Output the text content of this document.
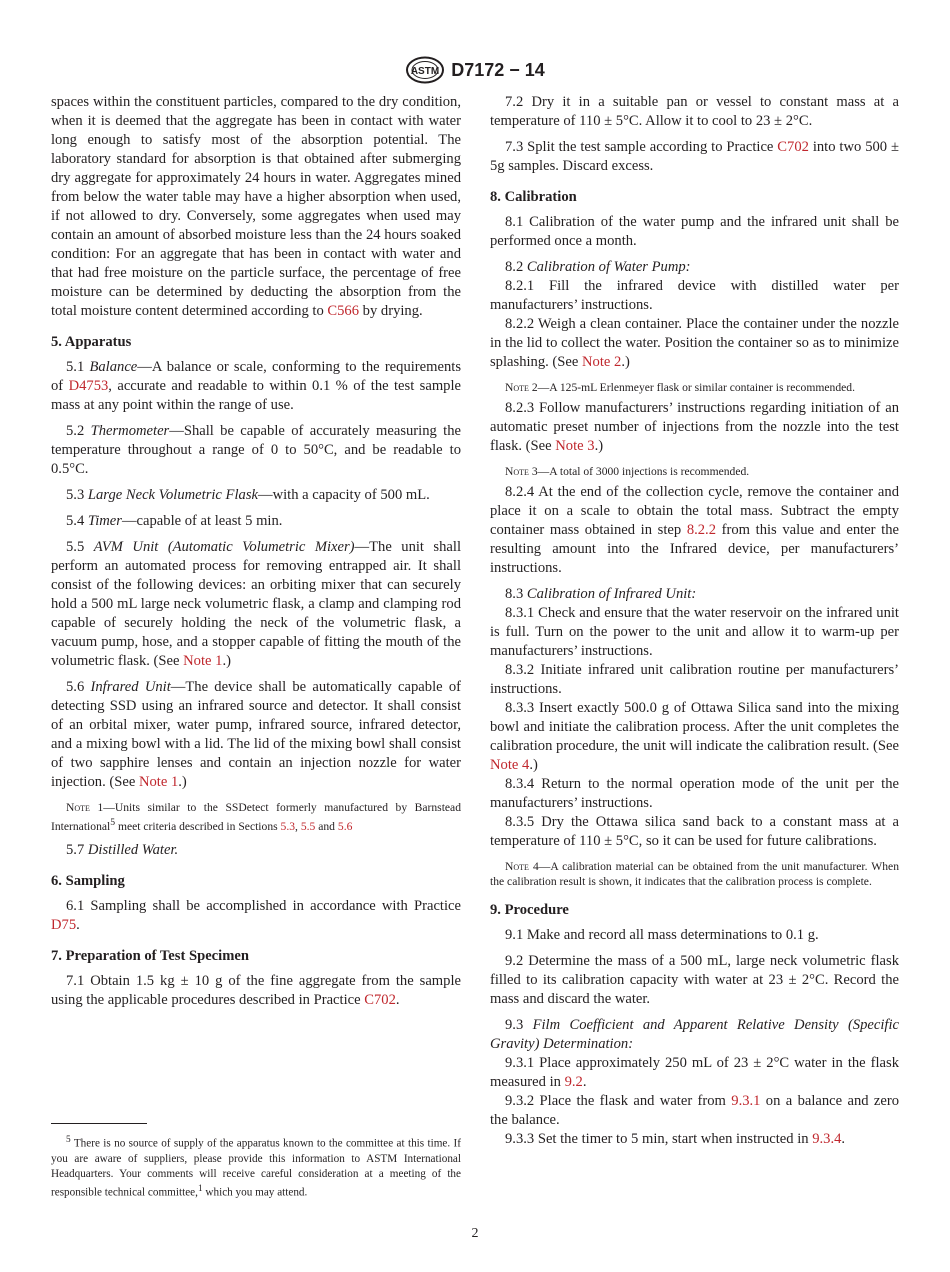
ASTM D7172 − 14

spaces within the constituent particles, compared to the dry condition, when it is deemed that the aggregate has been in contact with water long enough to satisfy most of the absorption potential. The laboratory standard for absorption is that obtained after submerging dry aggregate for approximately 24 hours in water. Aggregates mined from below the water table may have a higher absorption when used, if not allowed to dry. Conversely, some aggregates when used may contain an amount of absorbed moisture less than the 24 hours soaked condition: For an aggregate that has been in contact with water and that had free moisture on the particle surface, the percentage of free moisture can be determined by deducting the absorption from the total moisture content determined according to C566 by drying.

5. Apparatus

5.1 Balance—A balance or scale, conforming to the requirements of D4753, accurate and readable to within 0.1 % of the test sample mass at any point within the range of use.

5.2 Thermometer—Shall be capable of accurately measuring the temperature throughout a range of 0 to 50°C, and be readable to 0.5°C.

5.3 Large Neck Volumetric Flask—with a capacity of 500 mL.

5.4 Timer—capable of at least 5 min.

5.5 AVM Unit (Automatic Volumetric Mixer)—The unit shall perform an automated process for removing entrapped air. It shall consist of the following devices: an orbiting mixer that can securely hold a 500 mL large neck volumetric flask, a clamp and clamping rod capable of securely holding the neck of the volumetric flask, a vacuum pump, hose, and a stopper capable of fitting the mouth of the volumetric flask. (See Note 1.)

5.6 Infrared Unit—The device shall be automatically capable of detecting SSD using an infrared source and detector. It shall consist of an orbital mixer, water pump, infrared source, infrared detector, and a mixing bowl with a lid. The lid of the mixing bowl shall consist of two sapphire lenses and contain an injection nozzle for water injection. (See Note 1.)

Note 1—Units similar to the SSDetect formerly manufactured by Barnstead International$^5$ meet criteria described in Sections 5.3, 5.5 and 5.6

5.7 Distilled Water.

6. Sampling

6.1 Sampling shall be accomplished in accordance with Practice D75.

7. Preparation of Test Specimen

7.1 Obtain 1.5 kg ± 10 g of the fine aggregate from the sample using the applicable procedures described in Practice C702.

$^5$ There is no source of supply of the apparatus known to the committee at this time. If you are aware of suppliers, please provide this information to ASTM International Headquarters. Your comments will receive careful consideration at a meeting of the responsible technical committee,$^1$ which you may attend.

7.2 Dry it in a suitable pan or vessel to constant mass at a temperature of 110 ± 5°C. Allow it to cool to 23 ± 2°C.

7.3 Split the test sample according to Practice C702 into two 500 ± 5g samples. Discard excess.

8. Calibration

8.1 Calibration of the water pump and the infrared unit shall be performed once a month.

8.2 Calibration of Water Pump:

8.2.1 Fill the infrared device with distilled water per manufacturers’ instructions.

8.2.2 Weigh a clean container. Place the container under the nozzle in the lid to collect the water. Position the container so as to minimize splashing. (See Note 2.)

Note 2—A 125-mL Erlenmeyer flask or similar container is recommended.

8.2.3 Follow manufacturers’ instructions regarding initiation of an automatic preset number of injections from the nozzle into the test flask. (See Note 3.)

Note 3—A total of 3000 injections is recommended.

8.2.4 At the end of the collection cycle, remove the container and place it on a scale to obtain the total mass. Subtract the empty container mass obtained in step 8.2.2 from this value and enter the resulting amount into the Infrared device, per manufacturers’ instructions.

8.3 Calibration of Infrared Unit:

8.3.1 Check and ensure that the water reservoir on the infrared unit is full. Turn on the power to the unit and allow it to warm-up per manufacturers’ instructions.

8.3.2 Initiate infrared unit calibration routine per manufacturers’ instructions.

8.3.3 Insert exactly 500.0 g of Ottawa Silica sand into the mixing bowl and initiate the calibration process. After the unit completes the calibration procedure, the unit will indicate the calibration result. (See Note 4.)

8.3.4 Return to the normal operation mode of the unit per the manufacturers’ instructions.

8.3.5 Dry the Ottawa silica sand back to a constant mass at a temperature of 110 ± 5°C, so it can be used for future calibrations.

Note 4—A calibration material can be obtained from the unit manufacturer. When the calibration result is shown, it indicates that the calibration process is complete.

9. Procedure

9.1 Make and record all mass determinations to 0.1 g.

9.2 Determine the mass of a 500 mL, large neck volumetric flask filled to its calibration capacity with water at 23 ± 2°C. Record the mass and discard the water.

9.3 Film Coefficient and Apparent Relative Density (Specific Gravity) Determination:

9.3.1 Place approximately 250 mL of 23 ± 2°C water in the flask measured in 9.2.

9.3.2 Place the flask and water from 9.3.1 on a balance and zero the balance.

9.3.3 Set the timer to 5 min, start when instructed in 9.3.4.

2
